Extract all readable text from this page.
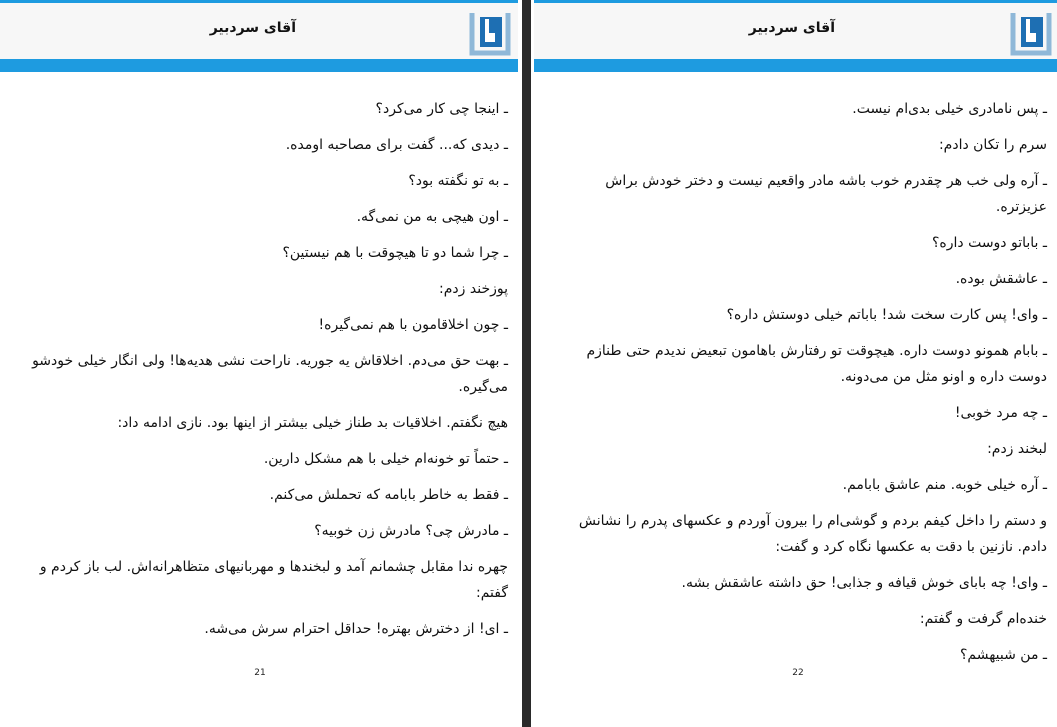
آقای سردبیر

ـ اینجا چی کار می‌کرد؟

ـ دیدی که... گفت برای مصاحبه اومده.

ـ به تو نگفته بود؟

ـ اون هیچی به من نمی‌گه.

ـ چرا شما دو تا هیچوقت با هم نیستین؟

پوزخند زدم:

ـ چون اخلاقامون با هم نمی‌گیره!

ـ بهت حق می‌دم. اخلاقاش یه جوریه. ناراحت نشی هدیه‌ها! ولی انگار خیلی خودشو می‌گیره.

هیچ نگفتم. اخلاقیات بد طناز خیلی بیشتر از اینها بود. نازی ادامه داد:

ـ حتماً تو خونه‌ام خیلی با هم مشکل دارین.

ـ فقط به خاطر بابامه که تحملش می‌کنم.

ـ مادرش چی؟ مادرش زن خوبیه؟

چهره ندا مقابل چشمانم آمد و لبخندها و مهربانیهای متظاهرانه‌اش. لب باز کردم و گفتم:

ـ ای! از دخترش بهتره! حداقل احترام سرش می‌شه.

21
آقای سردبیر

ـ پس نامادری خیلی بدی‌ام نیست.

سرم را تکان دادم:

ـ آره ولی خب هر چقدرم خوب باشه مادر واقعیم نیست و دختر خودش براش عزیزتره.

ـ باباتو دوست داره؟

ـ عاشقش بوده.

ـ وای! پس کارت سخت شد! باباتم خیلی دوستش داره؟

ـ بابام همونو دوست داره. هیچوقت تو رفتارش باهامون تبعیض ندیدم حتی طنازم دوست داره و اونو مثل من می‌دونه.

ـ چه مرد خوبی!

لبخند زدم:

ـ آره خیلی خوبه. منم عاشق بابامم.

و دستم را داخل کیفم بردم و گوشی‌ام را بیرون آوردم و عکسهای پدرم را نشانش دادم. نازنین با دقت به عکسها نگاه کرد و گفت:

ـ وای! چه بابای خوش قیافه و جذابی! حق داشته عاشقش بشه.

خنده‌ام گرفت و گفتم:

ـ من شبیهشم؟

22
